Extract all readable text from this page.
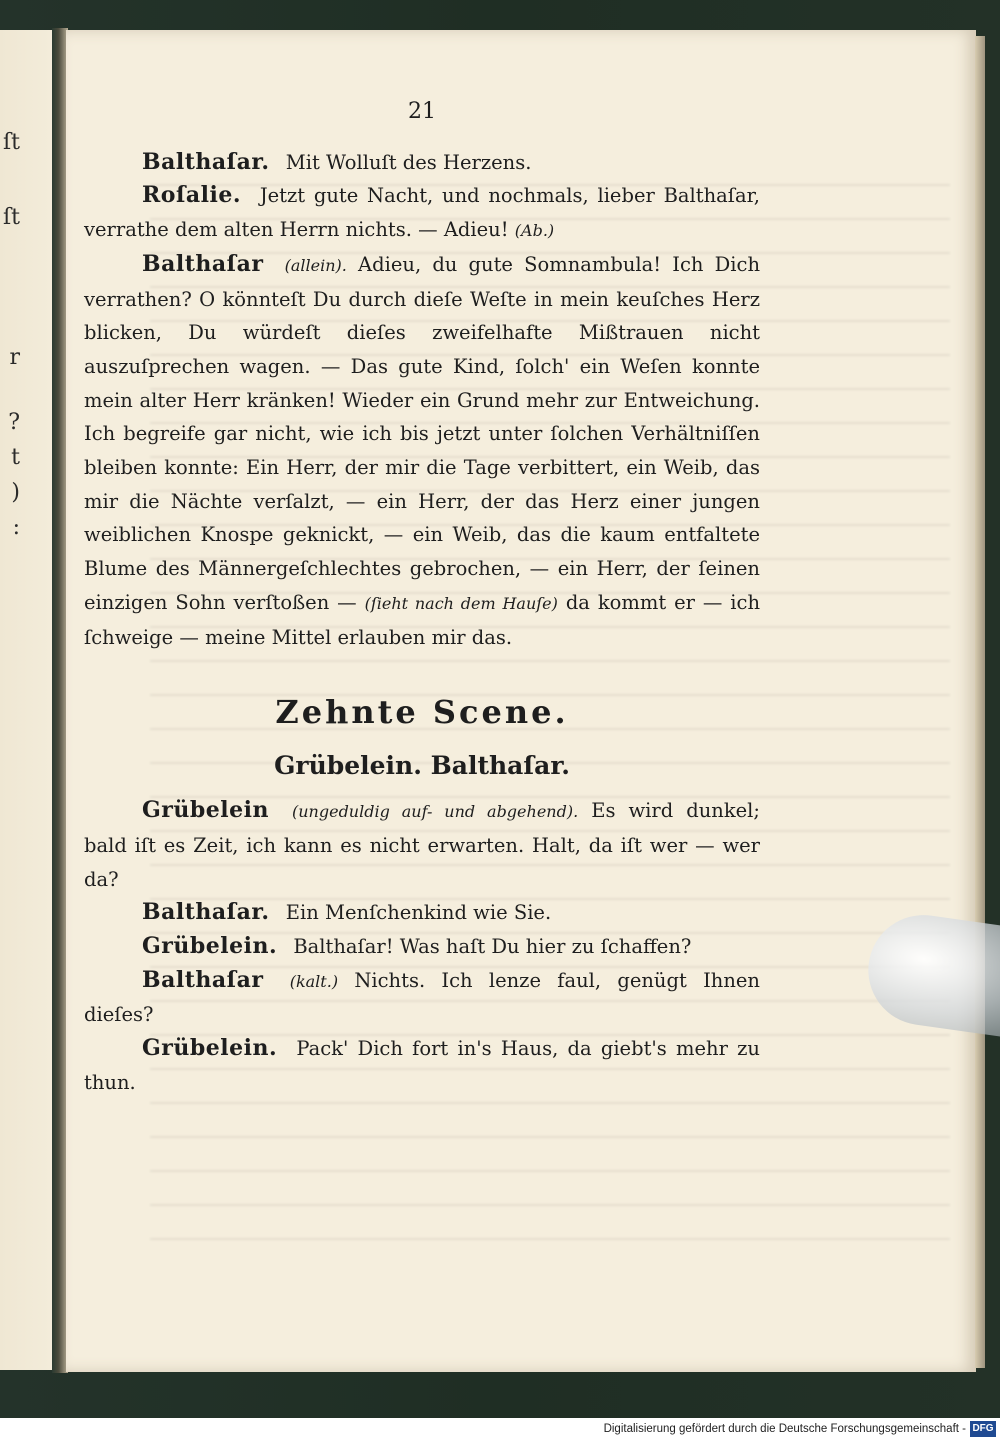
ſt
ſt
r
?
t
)
:
21

Balthaſar. Mit Wolluſt des Herzens.

Roſalie. Jetzt gute Nacht, und nochmals, lieber Balthaſar, verrathe dem alten Herrn nichts. — Adieu! (Ab.)

Balthaſar (allein). Adieu, du gute Somnambula! Ich Dich verrathen? O könnteſt Du durch dieſe Weſte in mein keuſches Herz blicken, Du würdeſt dieſes zweifelhafte Mißtrauen nicht auszuſprechen wagen. — Das gute Kind, ſolch' ein Weſen konnte mein alter Herr kränken! Wieder ein Grund mehr zur Entweichung. Ich begreife gar nicht, wie ich bis jetzt unter ſolchen Verhältniſſen bleiben konnte: Ein Herr, der mir die Tage verbittert, ein Weib, das mir die Nächte verſalzt, — ein Herr, der das Herz einer jungen weiblichen Knospe geknickt, — ein Weib, das die kaum entfaltete Blume des Männergeſchlechtes gebrochen, — ein Herr, der ſeinen einzigen Sohn verſtoßen — (ſieht nach dem Hauſe) da kommt er — ich ſchweige — meine Mittel erlauben mir das.

Zehnte Scene.
Grübelein. Balthaſar.

Grübelein (ungeduldig auf- und abgehend). Es wird dunkel; bald iſt es Zeit, ich kann es nicht erwarten. Halt, da iſt wer — wer da?

Balthaſar. Ein Menſchenkind wie Sie.

Grübelein. Balthaſar! Was haſt Du hier zu ſchaffen?

Balthaſar (kalt.) Nichts. Ich lenze faul, genügt Ihnen dieſes?

Grübelein. Pack' Dich fort in's Haus, da giebt's mehr zu thun.

Digitalisierung gefördert durch die Deutsche Forschungsgemeinschaft - DFG
